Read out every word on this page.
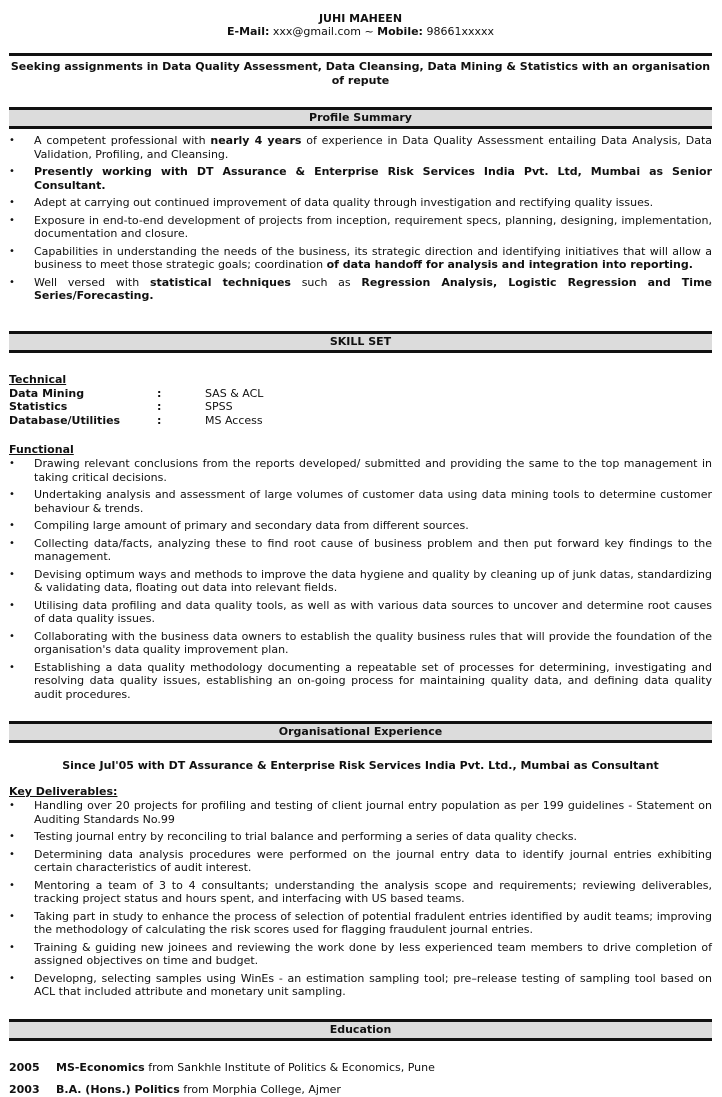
JUHI MAHEEN
E-Mail: xxx@gmail.com ~ Mobile: 98661xxxxx
Seeking assignments in Data Quality Assessment, Data Cleansing, Data Mining & Statistics with an organisation of repute
Profile Summary
• A competent professional with nearly 4 years of experience in Data Quality Assessment entailing Data Analysis, Data Validation, Profiling, and Cleansing.
• Presently working with DT Assurance & Enterprise Risk Services India Pvt. Ltd, Mumbai as Senior Consultant.
• Adept at carrying out continued improvement of data quality through investigation and rectifying quality issues.
• Exposure in end-to-end development of projects from inception, requirement specs, planning, designing, implementation, documentation and closure.
• Capabilities in understanding the needs of the business, its strategic direction and identifying initiatives that will allow a business to meet those strategic goals; coordination of data handoff for analysis and integration into reporting.
• Well versed with statistical techniques such as Regression Analysis, Logistic Regression and Time Series/Forecasting.
SKILL SET
Technical
Data Mining	:	SAS & ACL
Statistics	:	SPSS
Database/Utilities	:	MS Access
Functional
• Drawing relevant conclusions from the reports developed/ submitted and providing the same to the top management in taking critical decisions.
• Undertaking analysis and assessment of large volumes of customer data using data mining tools to determine customer behaviour & trends.
• Compiling large amount of primary and secondary data from different sources.
• Collecting data/facts, analyzing these to find root cause of business problem and then put forward key findings to the management.
• Devising optimum ways and methods to improve the data hygiene and quality by cleaning up of junk datas, standardizing & validating data, floating out data into relevant fields.
• Utilising data profiling and data quality tools, as well as with various data sources to uncover and determine root causes of data quality issues.
• Collaborating with the business data owners to establish the quality business rules that will provide the foundation of the organisation's data quality improvement plan.
• Establishing a data quality methodology documenting a repeatable set of processes for determining, investigating and resolving data quality issues, establishing an on-going process for maintaining quality data, and defining data quality audit procedures.
Organisational Experience
Since Jul'05 with DT Assurance & Enterprise Risk Services India Pvt. Ltd., Mumbai as Consultant
Key Deliverables:
• Handling over 20 projects for profiling and testing of client journal entry population as per 199 guidelines - Statement on Auditing Standards No.99
• Testing journal entry by reconciling to trial balance and performing a series of data quality checks.
• Determining data analysis procedures were performed on the journal entry data to identify journal entries exhibiting certain characteristics of audit interest.
• Mentoring a team of 3 to 4 consultants; understanding the analysis scope and requirements; reviewing deliverables, tracking project status and hours spent, and interfacing with US based teams.
• Taking part in study to enhance the process of selection of potential fradulent entries identified by audit teams; improving the methodology of calculating the risk scores used for flagging fraudulent journal entries.
• Training & guiding new joinees and reviewing the work done by less experienced team members to drive completion of assigned objectives on time and budget.
• Developng, selecting samples using WinEs - an estimation sampling tool; pre–release testing of sampling tool based on ACL that included attribute and monetary unit sampling.
Education
2005	MS-Economics from Sankhle Institute of Politics & Economics, Pune
2003	B.A. (Hons.) Politics from Morphia College, Ajmer
